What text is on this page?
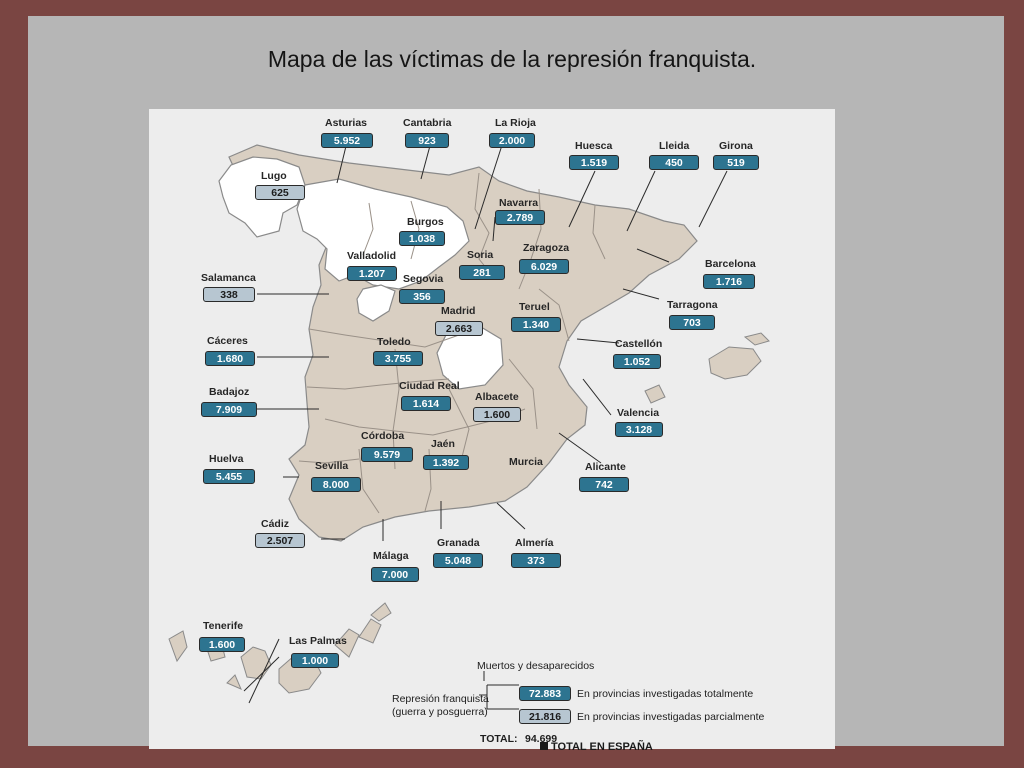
Mapa de las víctimas de la represión franquista.
Asturias
5.952
Cantabria
923
La Rioja
2.000	Huesca
1.519
Lleida
450
Girona
519
Lugo
625
Navarra
2.789
Burgos
1.038
Zaragoza
6.029
Soria
281
Valladolid
1.207
Barcelona
1.716
Salamanca
338
Segovia
356
Tarragona
703
Madrid
2.663
Teruel
1.340
Cáceres
1.680
Toledo
3.755
Castellón
1.052
Ciudad Real
1.614
Badajoz
7.909
Albacete
1.600	Valencia
3.128
Córdoba
9.579
Jaén
1.392
Huelva
5.455
Sevilla
8.000
Murcia	Alicante
742
Cádiz
2.507
Málaga
7.000
Granada
5.048
Almería
373
Tenerife
1.600	Las Palmas
1.000
TOTAL EN ESPAÑA
Muertos y desaparecidos
Represión franquista
(guerra y posguerra)
72.883	En provincias investigadas totalmente
21.816	En provincias investigadas parcialmente
TOTAL: 94.699
